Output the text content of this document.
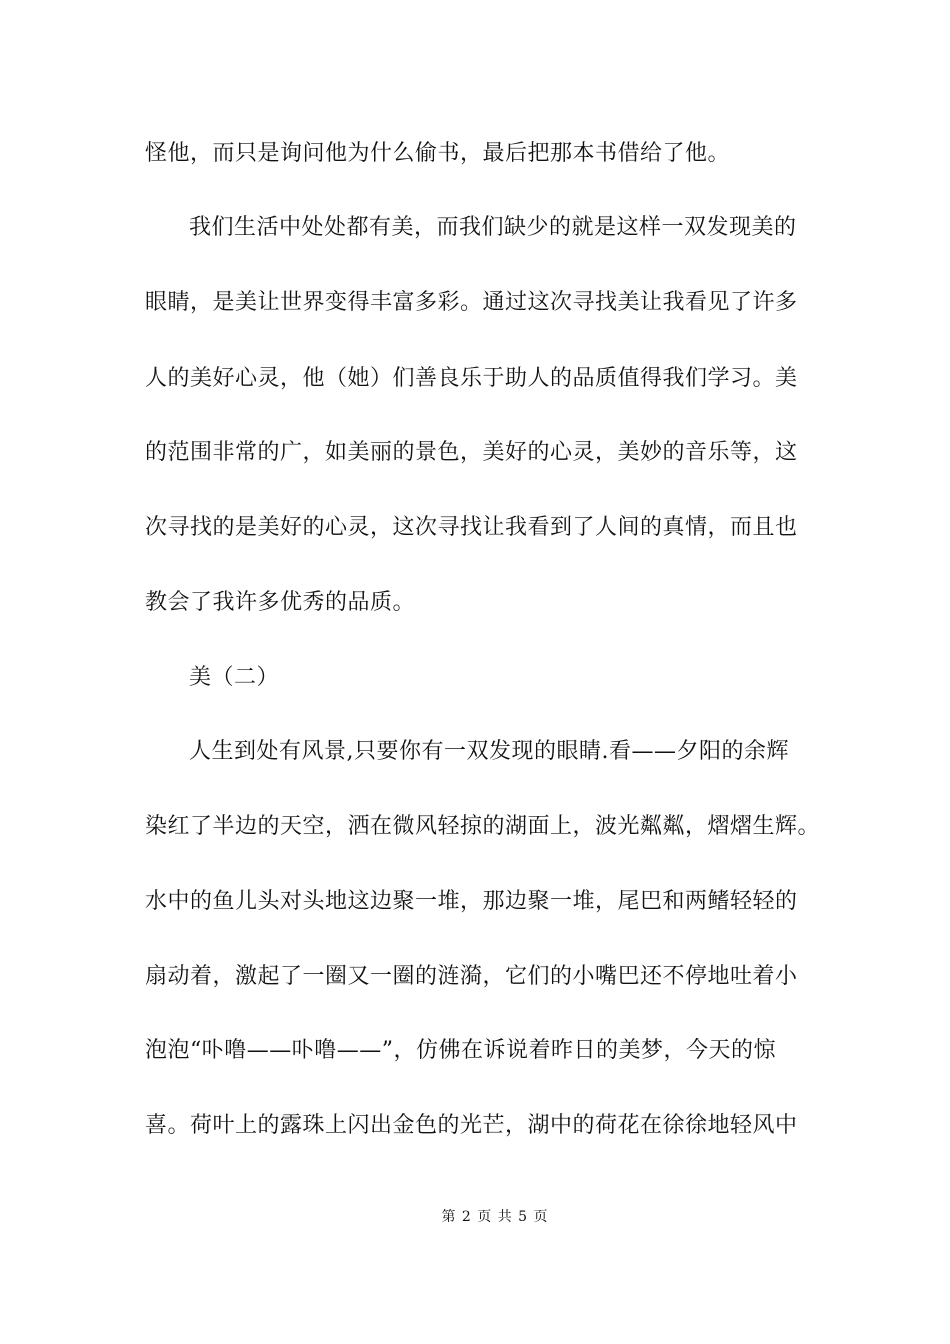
怪他，而只是询问他为什么偷书，最后把那本书借给了他。
我们生活中处处都有美，而我们缺少的就是这样一双发现美的
眼睛，是美让世界变得丰富多彩。通过这次寻找美让我看见了许多
人的美好心灵，他（她）们善良乐于助人的品质值得我们学习。美
的范围非常的广，如美丽的景色，美好的心灵，美妙的音乐等，这
次寻找的是美好的心灵，这次寻找让我看到了人间的真情，而且也
教会了我许多优秀的品质。
美（二）
人生到处有风景,只要你有一双发现的眼睛.看——夕阳的余辉
染红了半边的天空，洒在微风轻掠的湖面上，波光粼粼，熠熠生辉。
水中的鱼儿头对头地这边聚一堆，那边聚一堆，尾巴和两鳍轻轻的
扇动着，激起了一圈又一圈的涟漪，它们的小嘴巴还不停地吐着小
泡泡“卟噜——卟噜——”，仿佛在诉说着昨日的美梦，今天的惊
喜。荷叶上的露珠上闪出金色的光芒，湖中的荷花在徐徐地轻风中
第 2 页 共 5 页
